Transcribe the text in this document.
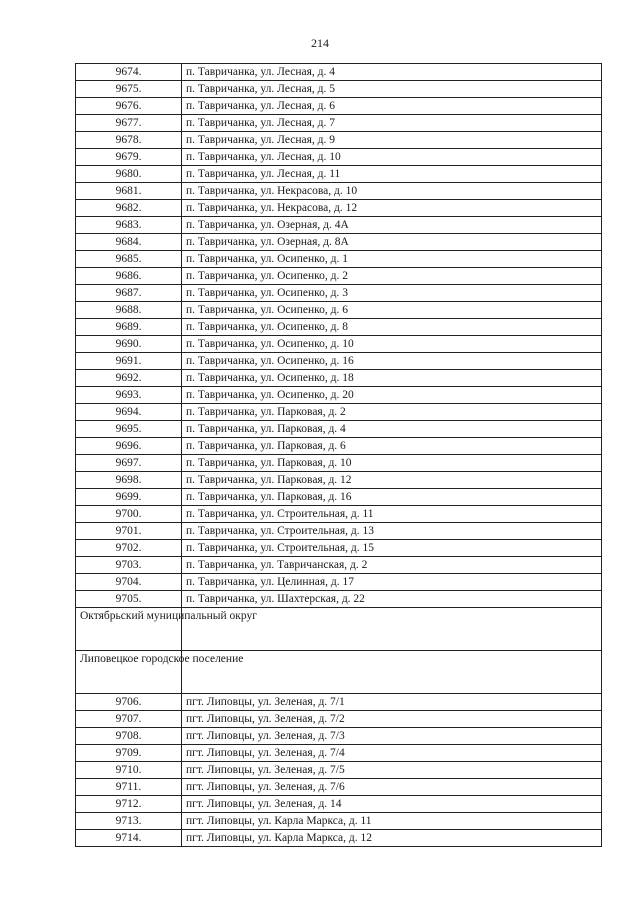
214
9674.	п. Тавричанка, ул. Лесная, д. 4
9675.	п. Тавричанка, ул. Лесная, д. 5
9676.	п. Тавричанка, ул. Лесная, д. 6
9677.	п. Тавричанка, ул. Лесная, д. 7
9678.	п. Тавричанка, ул. Лесная, д. 9
9679.	п. Тавричанка, ул. Лесная, д. 10
9680.	п. Тавричанка, ул. Лесная, д. 11
9681.	п. Тавричанка, ул. Некрасова, д. 10
9682.	п. Тавричанка, ул. Некрасова, д. 12
9683.	п. Тавричанка, ул. Озерная, д. 4А
9684.	п. Тавричанка, ул. Озерная, д. 8А
9685.	п. Тавричанка, ул. Осипенко, д. 1
9686.	п. Тавричанка, ул. Осипенко, д. 2
9687.	п. Тавричанка, ул. Осипенко, д. 3
9688.	п. Тавричанка, ул. Осипенко, д. 6
9689.	п. Тавричанка, ул. Осипенко, д. 8
9690.	п. Тавричанка, ул. Осипенко, д. 10
9691.	п. Тавричанка, ул. Осипенко, д. 16
9692.	п. Тавричанка, ул. Осипенко, д. 18
9693.	п. Тавричанка, ул. Осипенко, д. 20
9694.	п. Тавричанка, ул. Парковая, д. 2
9695.	п. Тавричанка, ул. Парковая, д. 4
9696.	п. Тавричанка, ул. Парковая, д. 6
9697.	п. Тавричанка, ул. Парковая, д. 10
9698.	п. Тавричанка, ул. Парковая, д. 12
9699.	п. Тавричанка, ул. Парковая, д. 16
9700.	п. Тавричанка, ул. Строительная, д. 11
9701.	п. Тавричанка, ул. Строительная, д. 13
9702.	п. Тавричанка, ул. Строительная, д. 15
9703.	п. Тавричанка, ул. Тавричанская, д. 2
9704.	п. Тавричанка, ул. Целинная, д. 17
9705.	п. Тавричанка, ул. Шахтерская, д. 22
Октябрьский муниципальный округ	
Липовецкое городское поселение	
9706.	пгт. Липовцы, ул. Зеленая, д. 7/1
9707.	пгт. Липовцы, ул. Зеленая, д. 7/2
9708.	пгт. Липовцы, ул. Зеленая, д. 7/3
9709.	пгт. Липовцы, ул. Зеленая, д. 7/4
9710.	пгт. Липовцы, ул. Зеленая, д. 7/5
9711.	пгт. Липовцы, ул. Зеленая, д. 7/6
9712.	пгт. Липовцы, ул. Зеленая, д. 14
9713.	пгт. Липовцы, ул. Карла Маркса, д. 11
9714.	пгт. Липовцы, ул. Карла Маркса, д. 12
